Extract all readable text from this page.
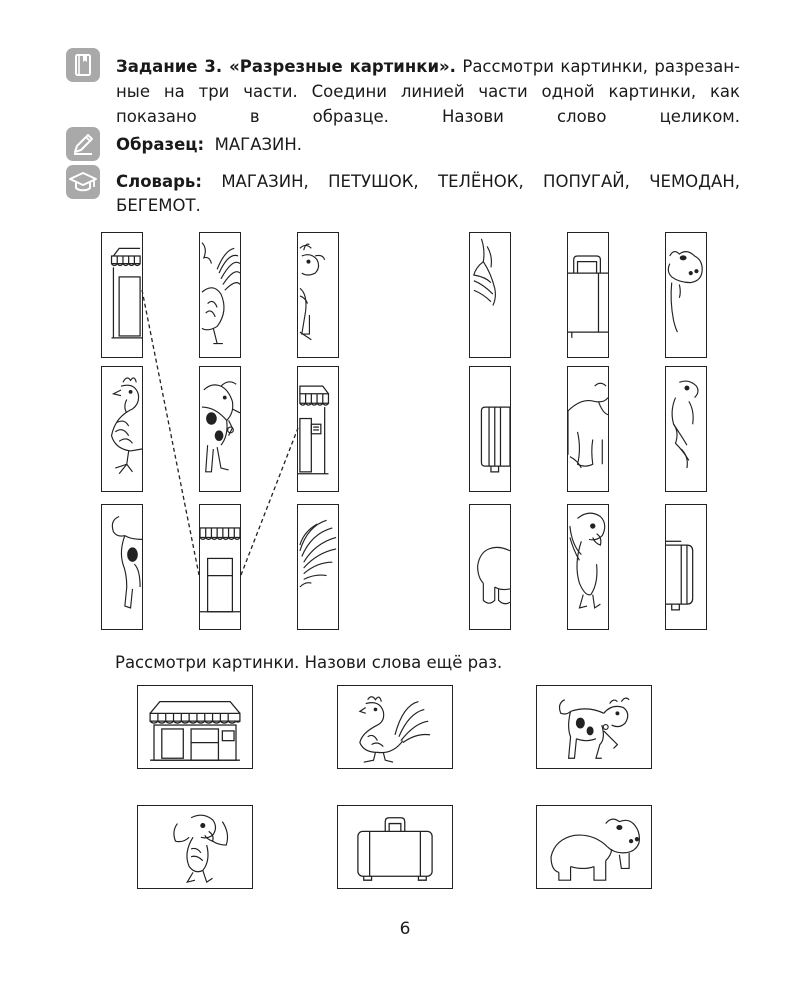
Задание 3. «Разрезные картинки». Рассмотри картинки, разрезан-
ные на три части. Соедини линией части одной картинки, как
показано в образце. Назови слово целиком.
Образец: МАГАЗИН.
Словарь: МАГАЗИН, ПЕТУШОК, ТЕЛЁНОК, ПОПУГАЙ, ЧЕМОДАН,
БЕГЕМОТ.
Рассмотри картинки. Назови слова ещё раз.
6
